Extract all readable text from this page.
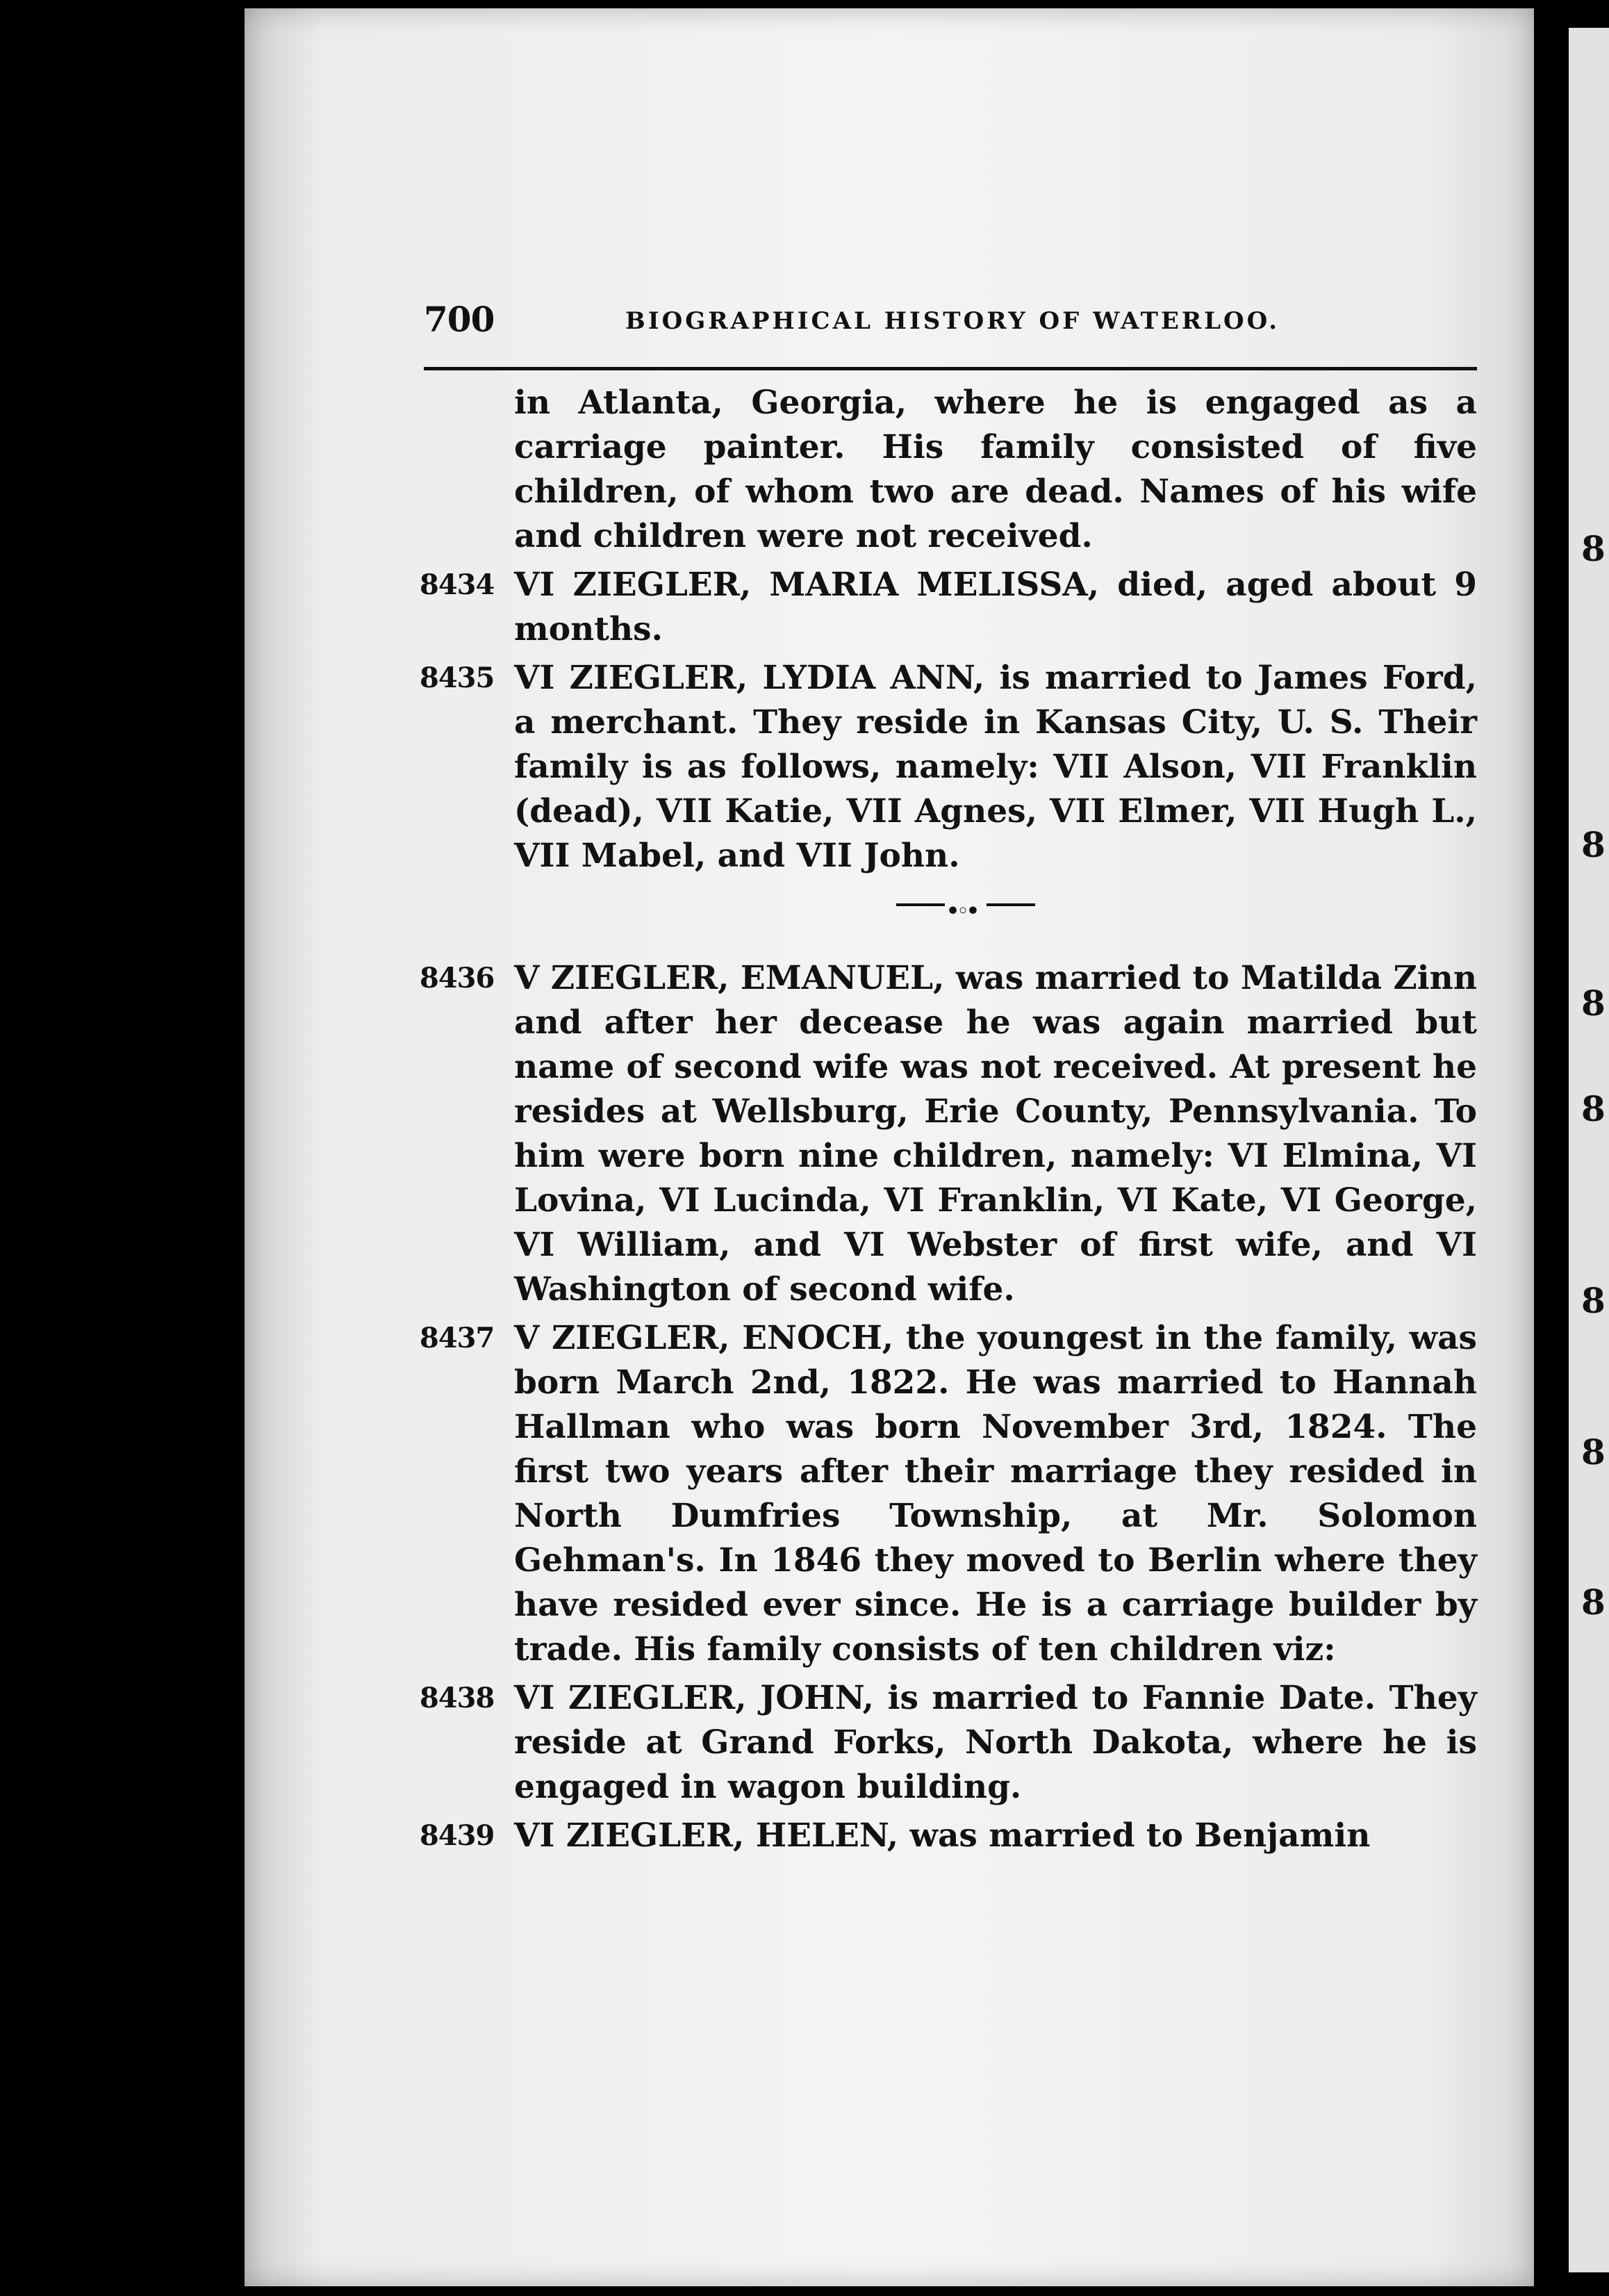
8
8
8
8
8
8
8
700	BIOGRAPHICAL HISTORY OF WATERLOO.
in Atlanta, Georgia, where he is engaged as a carriage painter. His family consisted of five children, of whom two are dead. Names of his wife and children were not received.
8434 VI ZIEGLER, MARIA MELISSA, died, aged about 9 months.
8435 VI ZIEGLER, LYDIA ANN, is married to James Ford, a merchant. They reside in Kansas City, U. S. Their family is as follows, namely: VII Alson, VII Franklin (dead), VII Katie, VII Agnes, VII Elmer, VII Hugh L., VII Mabel, and VII John.
•◦•
8436 V ZIEGLER, EMANUEL, was married to Matilda Zinn and after her decease he was again married but name of second wife was not received. At present he resides at Wellsburg, Erie County, Pennsylvania. To him were born nine children, namely: VI Elmina, VI Lovina, VI Lucinda, VI Franklin, VI Kate, VI George, VI William, and VI Webster of first wife, and VI Washington of second wife.
8437 V ZIEGLER, ENOCH, the youngest in the family, was born March 2nd, 1822. He was married to Hannah Hallman who was born November 3rd, 1824. The first two years after their marriage they resided in North Dumfries Township, at Mr. Solomon Gehman's. In 1846 they moved to Berlin where they have resided ever since. He is a carriage builder by trade. His family consists of ten children viz:
8438 VI ZIEGLER, JOHN, is married to Fannie Date. They reside at Grand Forks, North Dakota, where he is engaged in wagon building.
8439 VI ZIEGLER, HELEN, was married to Benjamin
